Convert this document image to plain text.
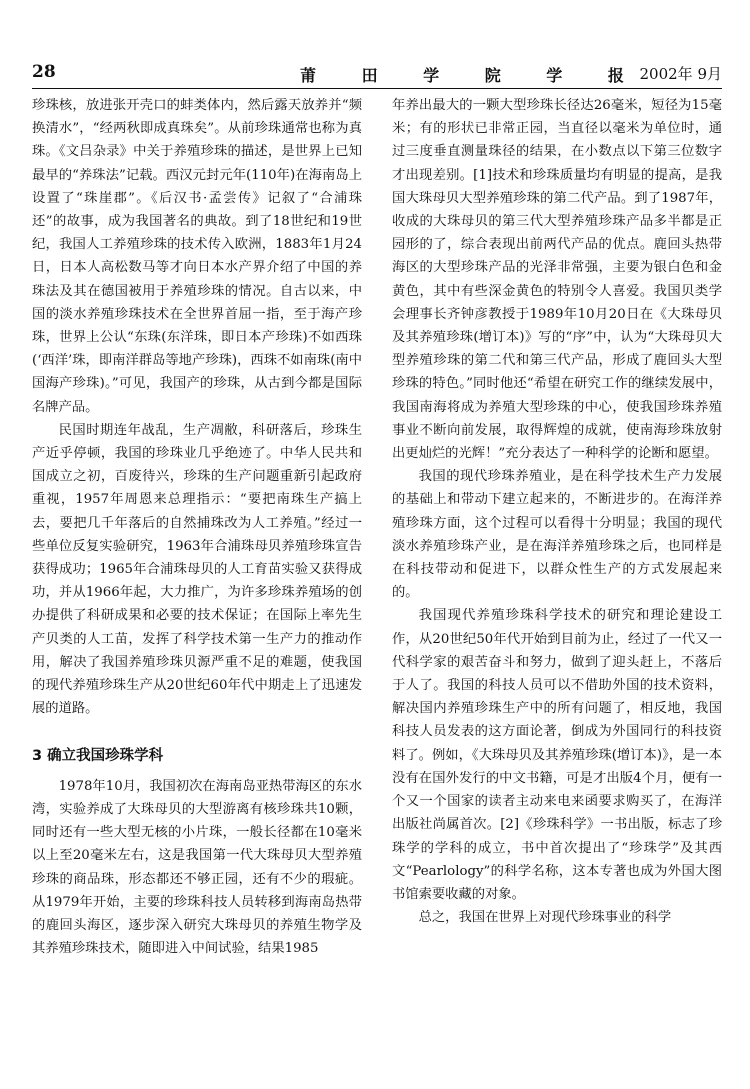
28	莆 田 学 院 学 报
2002年 9月

珍珠核，放进张开壳口的蚌类体内，然后露天放养并“频换清水”，“经两秋即成真珠矣”。从前珍珠通常也称为真珠。《文吕杂录》中关于养殖珍珠的描述，是世界上已知最早的“养珠法”记载。西汉元封元年(110年)在海南岛上设置了“珠崖郡”。《后汉书·孟尝传》记叙了“合浦珠还”的故事，成为我国著名的典故。到了18世纪和19世纪，我国人工养殖珍珠的技术传入欧洲，1883年1月24日，日本人高松数马等才向日本水产界介绍了中国的养珠法及其在德国被用于养殖珍珠的情况。自古以来，中国的淡水养殖珍珠技术在全世界首屈一指，至于海产珍珠，世界上公认“东珠(东洋珠，即日本产珍珠)不如西珠(‘西洋’珠，即南洋群岛等地产珍珠)，西珠不如南珠(南中国海产珍珠)。”可见，我国产的珍珠，从古到今都是国际名牌产品。

民国时期连年战乱，生产凋敝，科研落后，珍珠生产近乎停顿，我国的珍珠业几乎绝迹了。中华人民共和国成立之初，百废待兴，珍珠的生产问题重新引起政府重视，1957年周恩来总理指示：“要把南珠生产搞上去，要把几千年落后的自然捕珠改为人工养殖。”经过一些单位反复实验研究，1963年合浦珠母贝养殖珍珠宣告获得成功；1965年合浦珠母贝的人工育苗实验又获得成功，并从1966年起，大力推广，为许多珍珠养殖场的创办提供了科研成果和必要的技术保证；在国际上率先生产贝类的人工苗，发挥了科学技术第一生产力的推动作用，解决了我国养殖珍珠贝源严重不足的难题，使我国的现代养殖珍珠生产从20世纪60年代中期走上了迅速发展的道路。

3 确立我国珍珠学科

1978年10月，我国初次在海南岛亚热带海区的东水湾，实验养成了大珠母贝的大型游离有核珍珠共10颗，同时还有一些大型无核的小片珠，一般长径都在10毫米以上至20毫米左右，这是我国第一代大珠母贝大型养殖珍珠的商品珠，形态都还不够正园，还有不少的瑕疵。从1979年开始，主要的珍珠科技人员转移到海南岛热带的鹿回头海区，逐步深入研究大珠母贝的养殖生物学及其养殖珍珠技术，随即进入中间试验，结果1985

年养出最大的一颗大型珍珠长径达26毫米，短径为15毫米；有的形状已非常正园，当直径以毫米为单位时，通过三度垂直测量珠径的结果，在小数点以下第三位数字才出现差别。[1]技术和珍珠质量均有明显的提高，是我国大珠母贝大型养殖珍珠的第二代产品。到了1987年，收成的大珠母贝的第三代大型养殖珍珠产品多半都是正园形的了，综合表现出前两代产品的优点。鹿回头热带海区的大型珍珠产品的光泽非常强，主要为银白色和金黄色，其中有些深金黄色的特别令人喜爱。我国贝类学会理事长齐钟彦教授于1989年10月20日在《大珠母贝及其养殖珍珠(增订本)》写的“序”中，认为“大珠母贝大型养殖珍珠的第二代和第三代产品，形成了鹿回头大型珍珠的特色。”同时他还“希望在研究工作的继续发展中，我国南海将成为养殖大型珍珠的中心，使我国珍珠养殖事业不断向前发展，取得辉煌的成就，使南海珍珠放射出更灿烂的光辉！”充分表达了一种科学的论断和愿望。

我国的现代珍珠养殖业，是在科学技术生产力发展的基础上和带动下建立起来的，不断进步的。在海洋养殖珍珠方面，这个过程可以看得十分明显；我国的现代淡水养殖珍珠产业，是在海洋养殖珍珠之后，也同样是在科技带动和促进下，以群众性生产的方式发展起来的。

我国现代养殖珍珠科学技术的研究和理论建设工作，从20世纪50年代开始到目前为止，经过了一代又一代科学家的艰苦奋斗和努力，做到了迎头赶上，不落后于人了。我国的科技人员可以不借助外国的技术资料，解决国内养殖珍珠生产中的所有问题了，相反地，我国科技人员发表的这方面论著，倒成为外国同行的科技资料了。例如，《大珠母贝及其养殖珍珠(增订本)》，是一本没有在国外发行的中文书籍，可是才出版4个月，便有一个又一个国家的读者主动来电来函要求购买了，在海洋出版社尚属首次。[2]《珍珠科学》一书出版，标志了珍珠学的学科的成立，书中首次提出了“珍珠学”及其西文“Pearlology”的科学名称，这本专著也成为外国大图书馆索要收藏的对象。

总之，我国在世界上对现代珍珠事业的科学
